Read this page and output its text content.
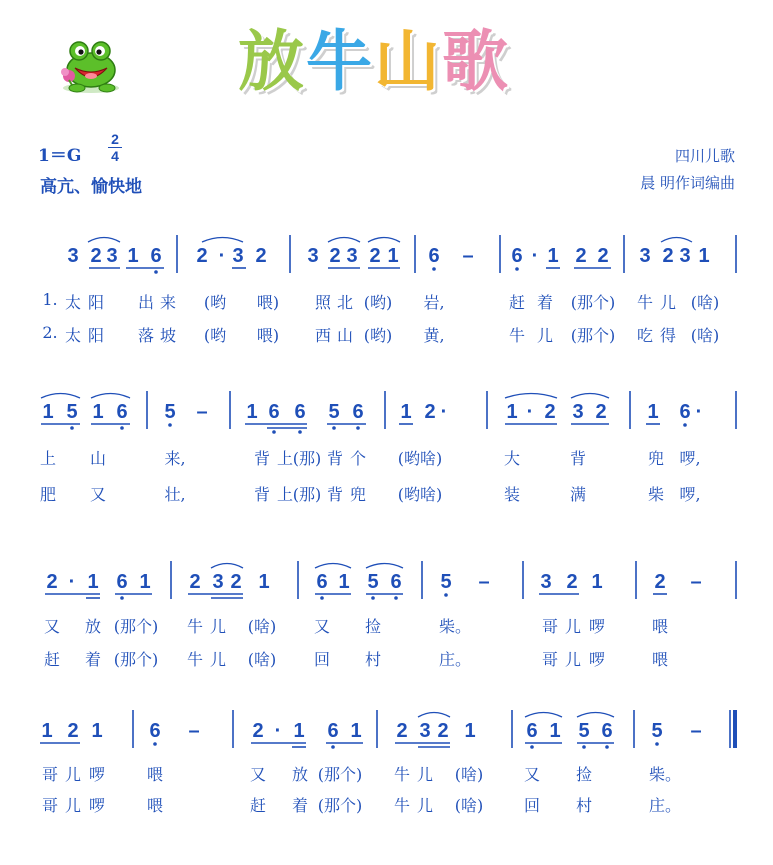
放牛山歌
1＝G
2
4
高亢、愉快地
四川儿歌
晨 明作词编曲
3 2 3 1 6 2 · 3 2 3 2 3 2 1 6 – 6 · 1 2 2 3 2 3 1
1 5 1 6 5 – 1 6 6 5 6 1 2 ·	1 · 2 3 2 1 6 ·
2 · 1 6 1 2 3 2 1 6 1 5 6 5 –	3 2 1	2 –
1 2 1 6 –	2 · 1 6 1 2 3 2 1	6 1 5 6 5 –
1. 太 阳 出 来 (哟 喂) 照 北 (哟) 岩,	赶 着 (那个) 牛 儿 (啥)
2. 太 阳 落 坡 (哟 喂) 西 山 (哟) 黄,	牛 儿 (那个) 吃 得 (啥)
上 山	来,	背 上 (那) 背 个 (哟啥)	大	背	兜 啰,
肥 又	壮,	背 上 (那) 背 兜 (哟啥)	装	满	柴 啰,
又 放 (那个) 牛 儿 (啥) 又 捡	柴。	哥 儿 啰	喂
赶 着 (那个) 牛 儿 (啥) 回 村	庄。	哥 儿 啰	喂
哥 儿 啰	喂	又 放 (那个) 牛 儿 (啥)	又 捡	柴。
哥 儿 啰	喂	赶 着 (那个) 牛 儿 (啥)	回 村	庄。
